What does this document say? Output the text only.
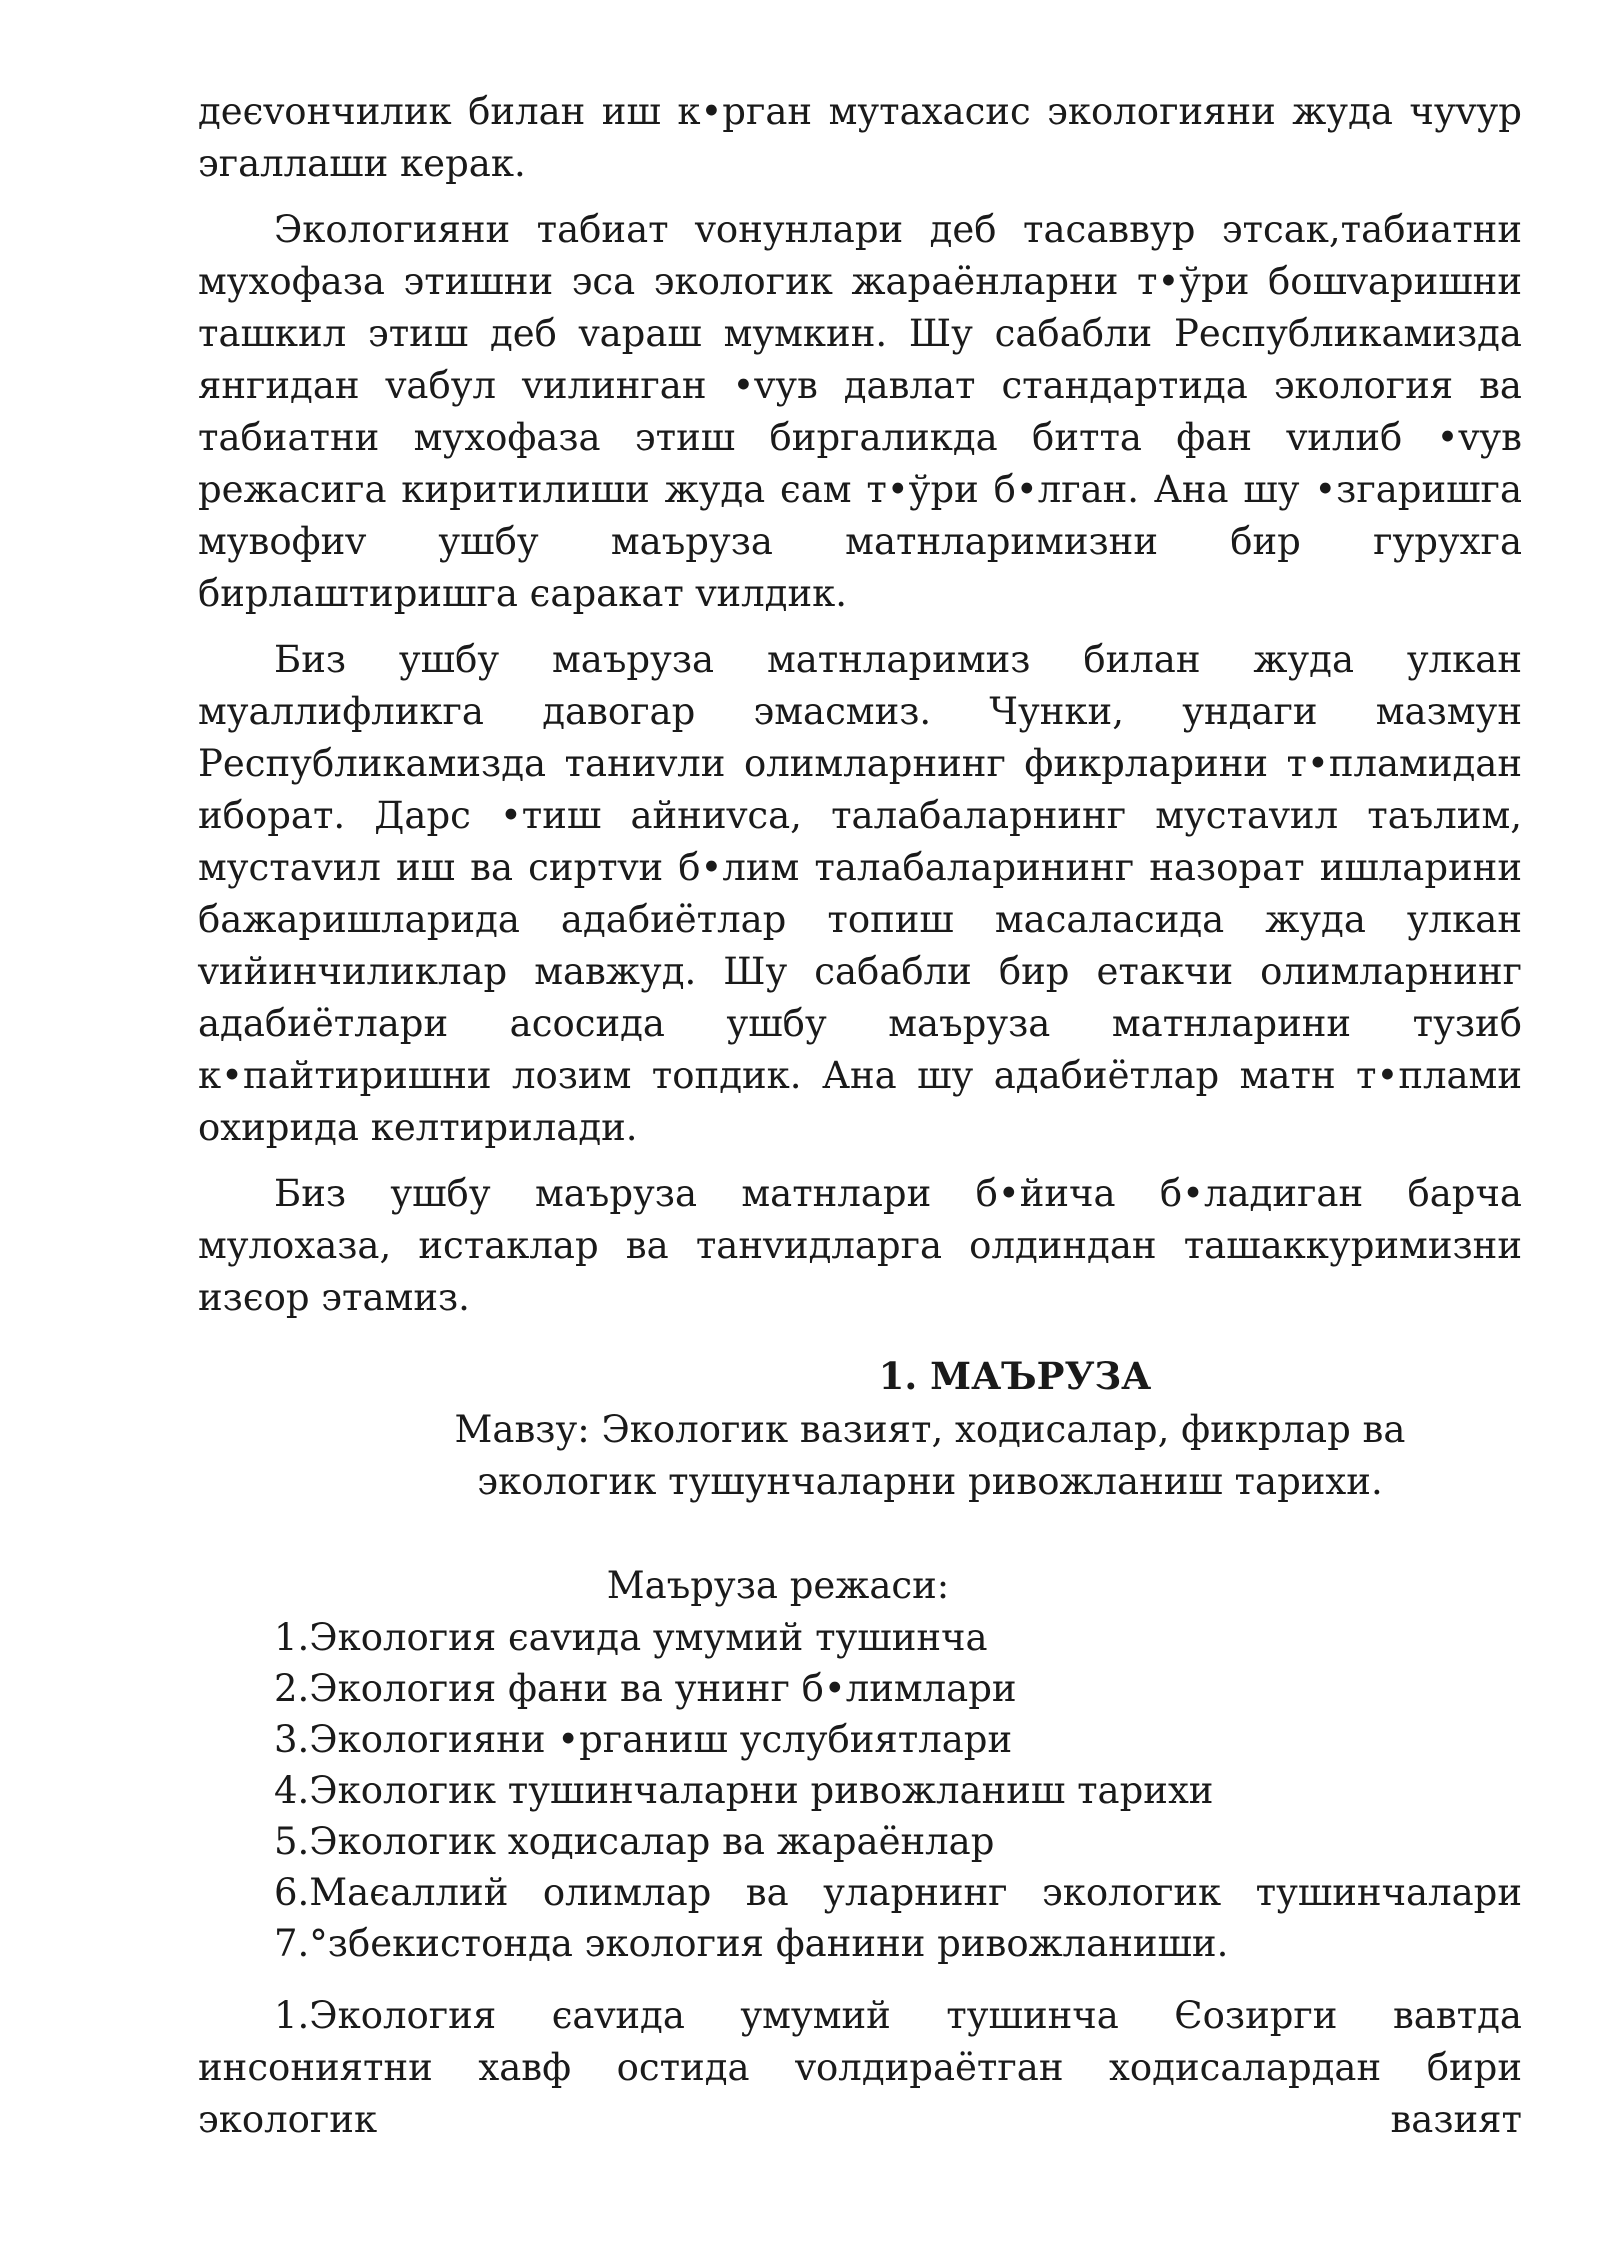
деєvончилик билан иш к•рган мутахасис экологияни жуда чуvур эгаллаши керак.

Экологияни табиат vонунлари деб тасаввур этсак,табиатни мухофаза этишни эса экологик жараёнларни т•ўри бошvаришни ташкил этиш деб vараш мумкин. Шу сабабли Республикамизда янгидан vабул vилинган •vув давлат стандартида экология ва табиатни мухофаза этиш биргаликда битта фан vилиб •vув режасига киритилиши жуда єам т•ўри б•лган. Ана шу •згаришга мувофиv ушбу маъруза матнларимизни бир гурухга бирлаштиришга єаракат vилдик.

Биз ушбу маъруза матнларимиз билан жуда улкан муаллифликга давогар эмасмиз. Чунки, ундаги мазмун Республикамизда таниvли олимларнинг фикрларини т•пламидан иборат. Дарс •тиш айниvса, талабаларнинг мустаvил таълим, мустаvил иш ва сиртvи б•лим талабаларининг назорат ишларини бажаришларида адабиётлар топиш масаласида жуда улкан vийинчиликлар мавжуд. Шу сабабли бир етакчи олимларнинг адабиётлари асосида ушбу маъруза матнларини тузиб к•пайтиришни лозим топдик. Ана шу адабиётлар матн т•плами охирида келтирилади.

Биз ушбу маъруза матнлари б•йича б•ладиган барча мулохаза, истаклар ва танvидларга олдиндан ташаккуримизни изєор этамиз.

1. МАЪРУЗА

Мавзу: Экологик вазият, ходисалар, фикрлар ва экологик тушунчаларни ривожланиш тарихи.

Маъруза режаси:

1.Экология єаvида умумий тушинча
2.Экология фани ва унинг б•лимлари
3.Экологияни •рганиш услубиятлари
4.Экологик тушинчаларни ривожланиш тарихи
5.Экологик ходисалар ва жараёнлар
6.Маєаллий олимлар ва уларнинг экологик тушинчалари
7.°збекистонда экология фанини ривожланиши.

1.Экология єаvида умумий тушинча Єозирги вавтда инсониятни хавф остида vолдираётган ходисалардан бири экологик вазият
